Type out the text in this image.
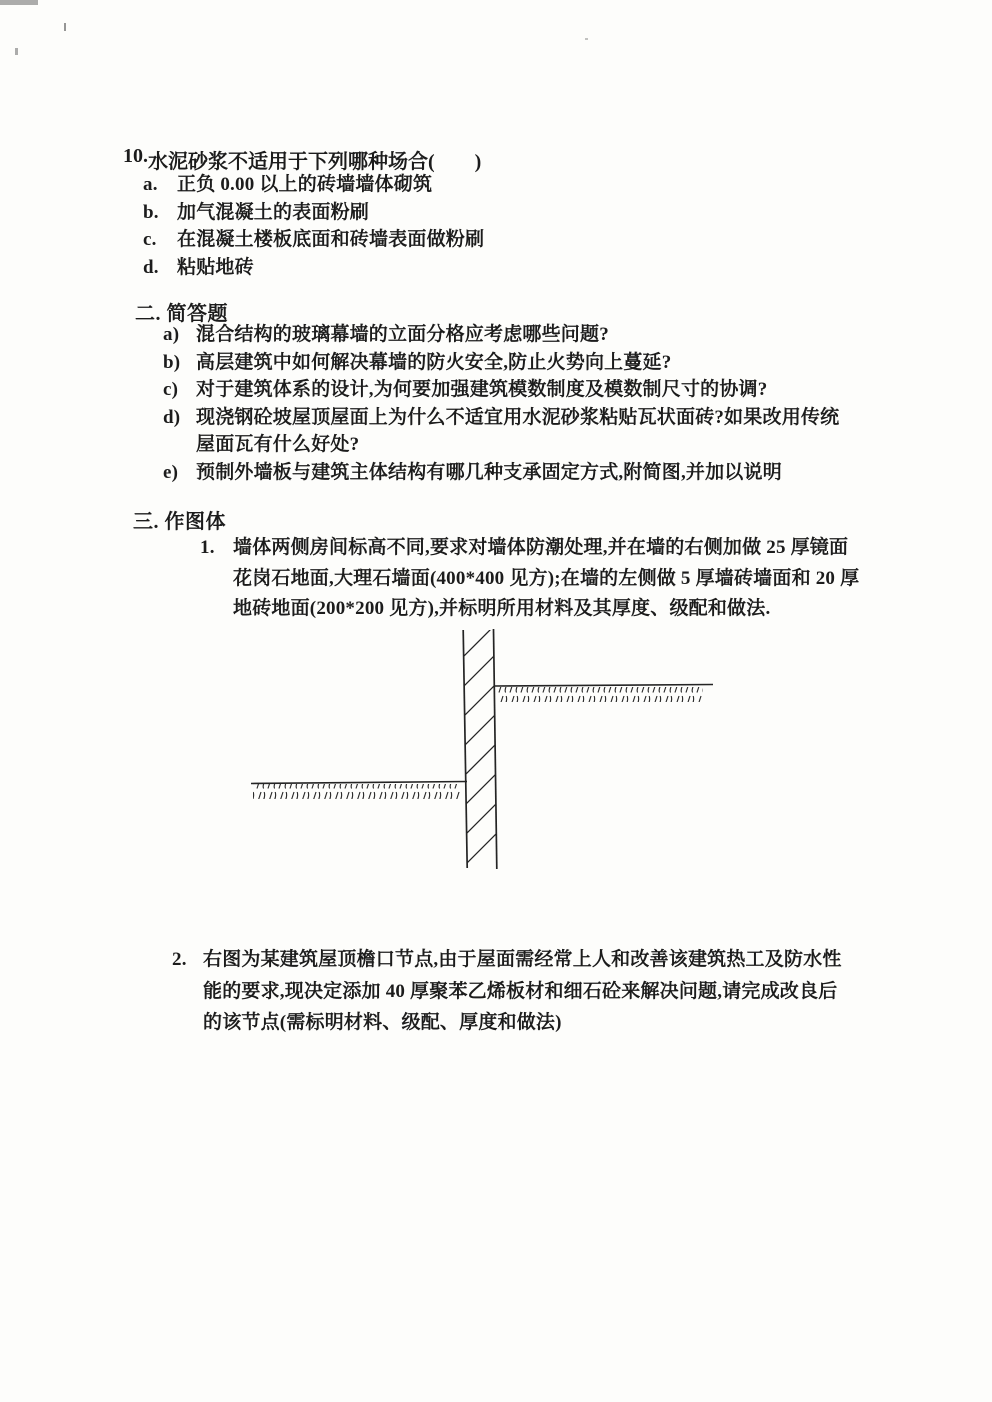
10. 水泥砂浆不适用于下列哪种场合(　　)
a.	正负 0.00 以上的砖墙墙体砌筑
b. 加气混凝土的表面粉刷
c.	在混凝土楼板底面和砖墙表面做粉刷
d. 粘贴地砖
二. 简答题
a) 混合结构的玻璃幕墙的立面分格应考虑哪些问题?
b) 高层建筑中如何解决幕墙的防火安全,防止火势向上蔓延?
c) 对于建筑体系的设计,为何要加强建筑模数制度及模数制尺寸的协调?
d) 现浇钢砼坡屋顶屋面上为什么不适宜用水泥砂浆粘贴瓦状面砖?如果改用传统屋面瓦有什么好处?
e) 预制外墙板与建筑主体结构有哪几种支承固定方式,附简图,并加以说明
三. 作图体
1. 墙体两侧房间标高不同,要求对墙体防潮处理,并在墙的右侧加做 25 厚镜面花岗石地面,大理石墙面(400*400 见方);在墙的左侧做 5 厚墙砖墙面和 20 厚地砖地面(200*200 见方),并标明所用材料及其厚度、级配和做法.
2. 右图为某建筑屋顶檐口节点,由于屋面需经常上人和改善该建筑热工及防水性能的要求,现决定添加 40 厚聚苯乙烯板材和细石砼来解决问题,请完成改良后的该节点(需标明材料、级配、厚度和做法)
